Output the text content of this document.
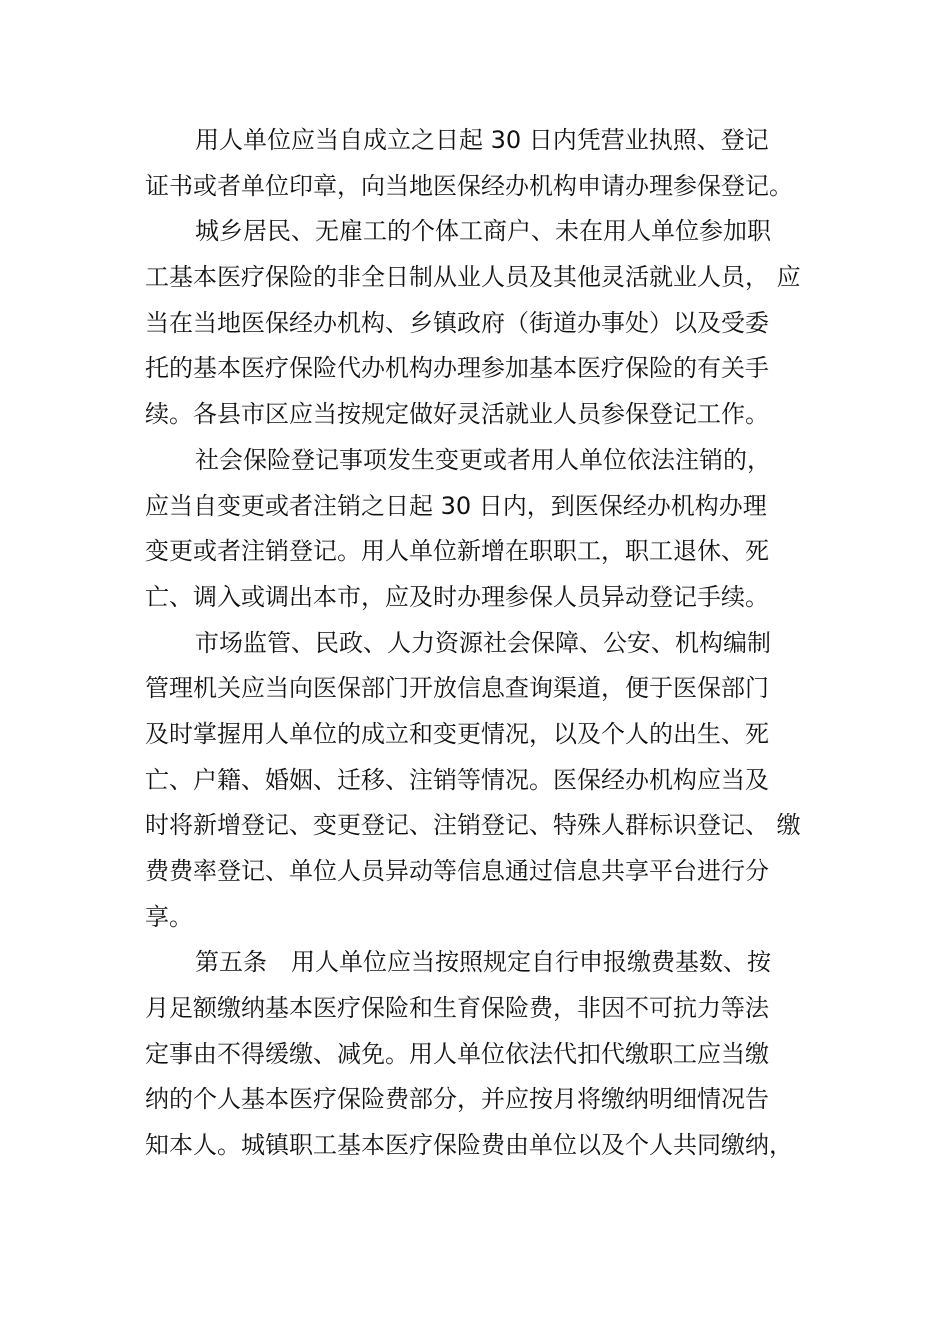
用人单位应当自成立之日起 30 日内凭营业执照、登记
证书或者单位印章，向当地医保经办机构申请办理参保登记。
城乡居民、无雇工的个体工商户、未在用人单位参加职
工基本医疗保险的非全日制从业人员及其他灵活就业人员， 应
当在当地医保经办机构、乡镇政府（街道办事处）以及受委
托的基本医疗保险代办机构办理参加基本医疗保险的有关手
续。各县市区应当按规定做好灵活就业人员参保登记工作。
社会保险登记事项发生变更或者用人单位依法注销的，
应当自变更或者注销之日起 30 日内，到医保经办机构办理
变更或者注销登记。用人单位新增在职职工，职工退休、死
亡、调入或调出本市，应及时办理参保人员异动登记手续。
市场监管、民政、人力资源社会保障、公安、机构编制
管理机关应当向医保部门开放信息查询渠道，便于医保部门
及时掌握用人单位的成立和变更情况，以及个人的出生、死
亡、户籍、婚姻、迁移、注销等情况。医保经办机构应当及
时将新增登记、变更登记、注销登记、特殊人群标识登记、 缴
费费率登记、单位人员异动等信息通过信息共享平台进行分
享。
第五条　用人单位应当按照规定自行申报缴费基数、按
月足额缴纳基本医疗保险和生育保险费，非因不可抗力等法
定事由不得缓缴、减免。用人单位依法代扣代缴职工应当缴
纳的个人基本医疗保险费部分，并应按月将缴纳明细情况告
知本人。城镇职工基本医疗保险费由单位以及个人共同缴纳，
